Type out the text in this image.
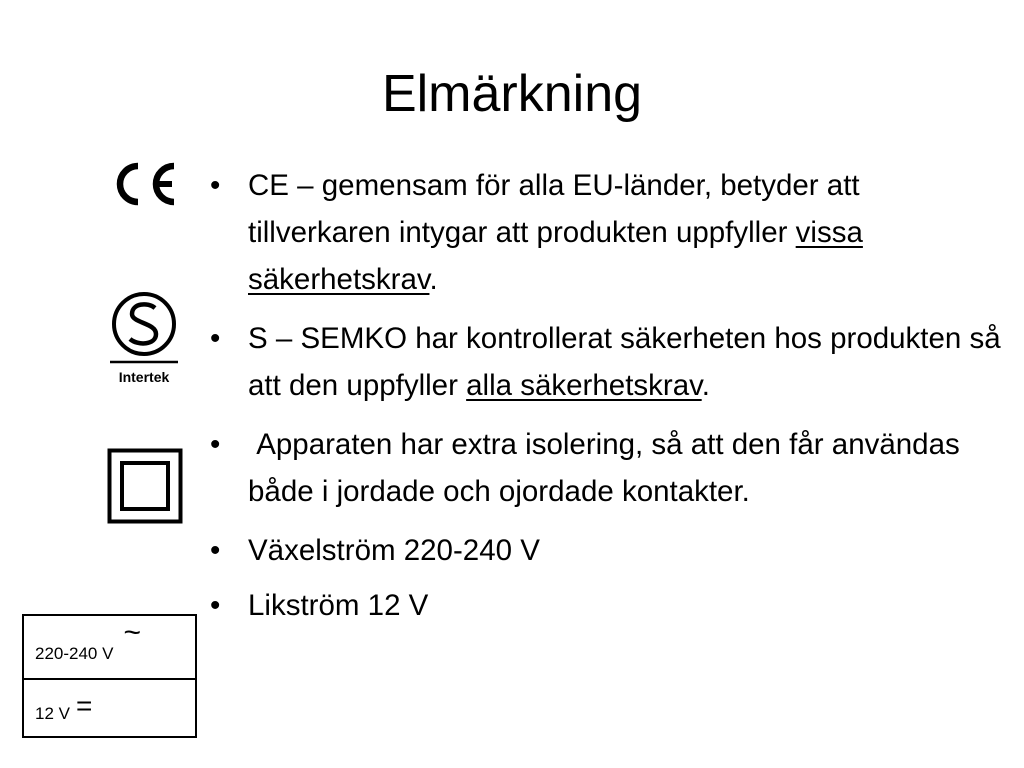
Elmärkning
Intertek
• CE – gemensam för alla EU-länder, betyder att tillverkaren intygar att produkten uppfyller vissa säkerhetskrav.
• S – SEMKO har kontrollerat säkerheten hos produkten så att den uppfyller alla säkerhetskrav.
•  Apparaten har extra isolering, så att den får användas både i jordade och ojordade kontakter.
• Växelström 220-240 V
• Likström 12 V
220-240 V
~
12 V =
